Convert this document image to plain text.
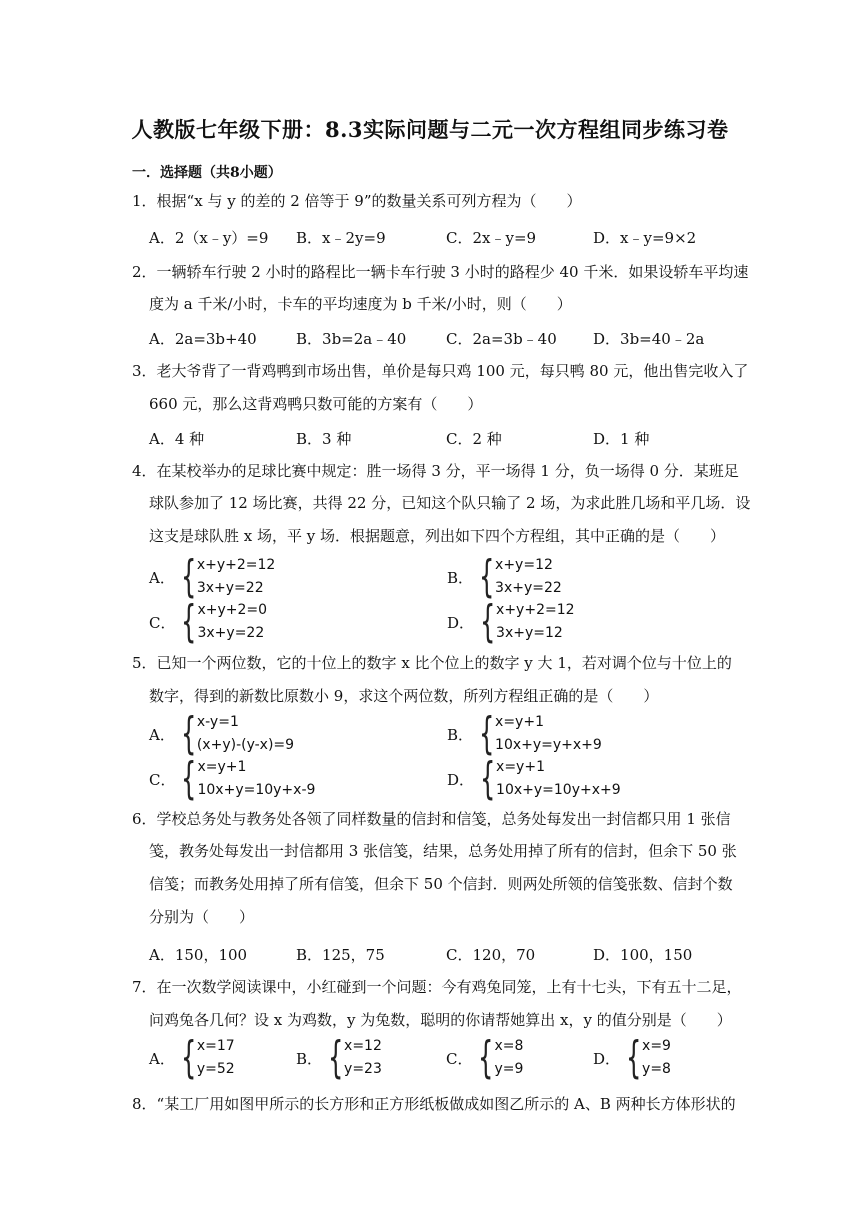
人教版七年级下册：8.3实际问题与二元一次方程组同步练习卷
一．选择题（共8小题）
1．根据“x 与 y 的差的 2 倍等于 9”的数量关系可列方程为（　　）
A．2（x﹣y）=9 B．x﹣2y=9	C．2x﹣y=9	D．x﹣y=9×2
2．一辆轿车行驶 2 小时的路程比一辆卡车行驶 3 小时的路程少 40 千米．如果设轿车平均速
度为 a 千米/小时，卡车的平均速度为 b 千米/小时，则（　　）
A．2a=3b+40	B．3b=2a﹣40	C．2a=3b﹣40 D．3b=40﹣2a
3．老大爷背了一背鸡鸭到市场出售，单价是每只鸡 100 元，每只鸭 80 元，他出售完收入了
660 元，那么这背鸡鸭只数可能的方案有（　　）
A．4 种	B．3 种	C．2 种	D．1 种
4．在某校举办的足球比赛中规定：胜一场得 3 分，平一场得 1 分，负一场得 0 分．某班足
球队参加了 12 场比赛，共得 22 分，已知这个队只输了 2 场，为求此胜几场和平几场．设
这支是球队胜 x 场，平 y 场．根据题意，列出如下四个方程组，其中正确的是（　　）
A． { x+y+2=12
3x+y=22
B． { x+y=12
3x+y=22
C． { x+y+2=0
3x+y=22
D． { x+y+2=12
3x+y=12
5．已知一个两位数，它的十位上的数字 x 比个位上的数字 y 大 1，若对调个位与十位上的
数字，得到的新数比原数小 9，求这个两位数，所列方程组正确的是（　　）
A． { x-y=1
(x+y)-(y-x)=9
B． { x=y+1
10x+y=y+x+9
C． { x=y+1
10x+y=10y+x-9
D． { x=y+1
10x+y=10y+x+9
6．学校总务处与教务处各领了同样数量的信封和信笺，总务处每发出一封信都只用 1 张信
笺，教务处每发出一封信都用 3 张信笺，结果，总务处用掉了所有的信封，但余下 50 张
信笺；而教务处用掉了所有信笺，但余下 50 个信封．则两处所领的信笺张数、信封个数
分别为（　　）
A．150，100	B．125，75	C．120，70	D．100，150
7．在一次数学阅读课中，小红碰到一个问题：今有鸡兔同笼，上有十七头，下有五十二足，
问鸡兔各几何？设 x 为鸡数，y 为兔数，聪明的你请帮她算出 x，y 的值分别是（　　）
A． { x=17
y=52
B． { x=12
y=23
C． { x=8
y=9
D． { x=9
y=8
8．“某工厂用如图甲所示的长方形和正方形纸板做成如图乙所示的 A、B 两种长方体形状的
